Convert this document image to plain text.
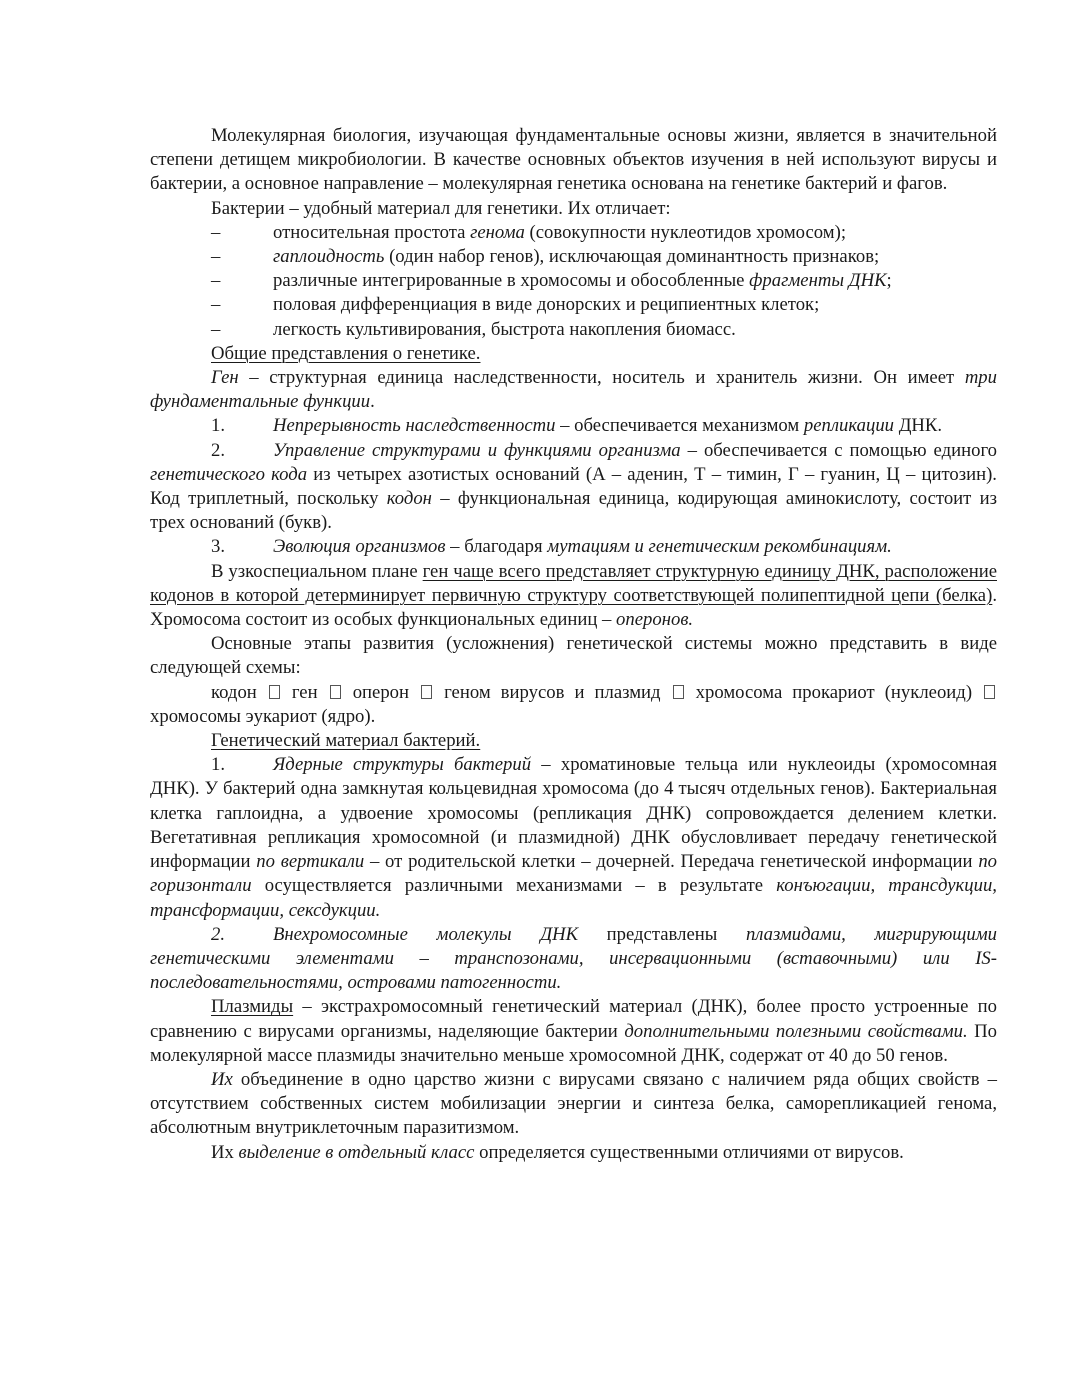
Молекулярная биология, изучающая фундаментальные основы жизни, является в значительной степени детищем микробиологии. В качестве основных объектов изучения в ней используют вирусы и бактерии, а основное направление – молекулярная генетика основана на генетике бактерий и фагов.

Бактерии – удобный материал для генетики. Их отличает:

–	относительная простота генома (совокупности нуклеотидов хромосом);

–	гаплоидность (один набор генов), исключающая доминантность признаков;

–	различные интегрированные в хромосомы и обособленные фрагменты ДНК;

–	половая дифференциация в виде донорских и реципиентных клеток;

–	легкость культивирования, быстрота накопления биомасс.

Общие представления о генетике.

Ген – структурная единица наследственности, носитель и хранитель жизни. Он имеет три фундаментальные функции.

1.	Непрерывность наследственности – обеспечивается механизмом репликации ДНК.

2.	Управление структурами и функциями организма – обеспечивается с помощью единого генетического кода из четырех азотистых оснований (А – аденин, Т – тимин, Г – гуанин, Ц – цитозин). Код триплетный, поскольку кодон – функциональная единица, кодирующая аминокислоту, состоит из трех оснований (букв).

3.	Эволюция организмов – благодаря мутациям и генетическим рекомбинациям.

В узкоспециальном плане ген чаще всего представляет структурную единицу ДНК, расположение кодонов в которой детерминирует первичную структуру соответствующей полипептидной цепи (белка). Хромосома состоит из особых функциональных единиц – оперонов.

Основные этапы развития (усложнения) генетической системы можно представить в виде следующей схемы:

кодон ген оперон геном вирусов и плазмид хромосома прокариот (нуклеоид)  хромосомы эукариот (ядро).

Генетический материал бактерий.

1.	Ядерные структуры бактерий – хроматиновые тельца или нуклеоиды (хромосомная ДНК). У бактерий одна замкнутая кольцевидная хромосома (до 4 тысяч отдельных генов). Бактериальная клетка гаплоидна, а удвоение хромосомы (репликация ДНК) сопровождается делением клетки. Вегетативная репликация хромосомной (и плазмидной) ДНК обусловливает передачу генетической информации по вертикали – от родительской клетки – дочерней. Передача генетической информации по горизонтали осуществляется различными механизмами – в результате конъюгации, трансдукции, трансформации, сексдукции.

2.	Внехромосомные молекулы ДНК представлены плазмидами, мигрирующими генетическими элементами – транспозонами, инсервационными (вставочными) или IS-последовательностями, островами патогенности.

Плазмиды – экстрахромосомный генетический материал (ДНК), более просто устроенные по сравнению с вирусами организмы, наделяющие бактерии дополнительными полезными свойствами. По молекулярной массе плазмиды значительно меньше хромосомной ДНК, содержат от 40 до 50 генов.

Их объединение в одно царство жизни с вирусами связано с наличием ряда общих свойств – отсутствием собственных систем мобилизации энергии и синтеза белка, саморепликацией генома, абсолютным внутриклеточным паразитизмом.

Их выделение в отдельный класс определяется существенными отличиями от вирусов.
